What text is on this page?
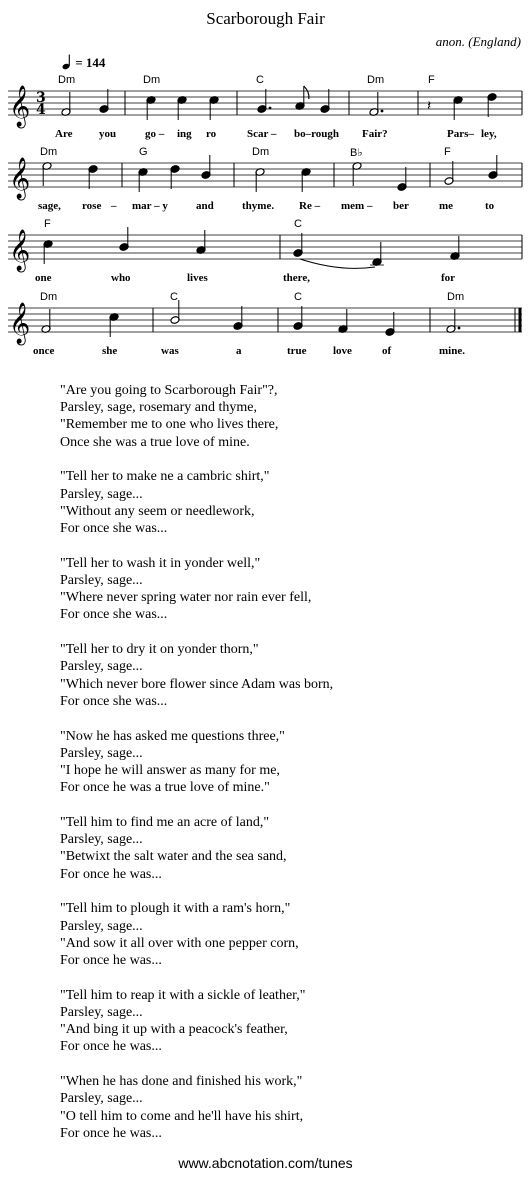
Scarborough Fair
anon. (England)
= 144
𝄞 3
4
𝄞
𝄞
𝄞
𝄽
Dm	Dm	C	Dm	F
Are you	go – ing ro	Scar – bo–rough Fair?	Pars– ley,
Dm	G	Dm	B♭	F
sage, rose – mar – y	and	thyme. Re – mem – ber	me	to
F	C
one	who	lives	there,	for
Dm	C	C	Dm
once	she	was	a	true love	of	mine.
"Are you going to Scarborough Fair"?,
Parsley, sage, rosemary and thyme,
"Remember me to one who lives there,
Once she was a true love of mine.
"Tell her to make ne a cambric shirt,"
Parsley, sage...
"Without any seem or needlework,
For once she was...
"Tell her to wash it in yonder well,"
Parsley, sage...
"Where never spring water nor rain ever fell,
For once she was...
"Tell her to dry it on yonder thorn,"
Parsley, sage...
"Which never bore flower since Adam was born,
For once she was...
"Now he has asked me questions three,"
Parsley, sage...
"I hope he will answer as many for me,
For once he was a true love of mine."
"Tell him to find me an acre of land,"
Parsley, sage...
"Betwixt the salt water and the sea sand,
For once he was...
"Tell him to plough it with a ram's horn,"
Parsley, sage...
"And sow it all over with one pepper corn,
For once he was...
"Tell him to reap it with a sickle of leather,"
Parsley, sage...
"And bing it up with a peacock's feather,
For once he was...
"When he has done and finished his work,"
Parsley, sage...
"O tell him to come and he'll have his shirt,
For once he was...
www.abcnotation.com/tunes
